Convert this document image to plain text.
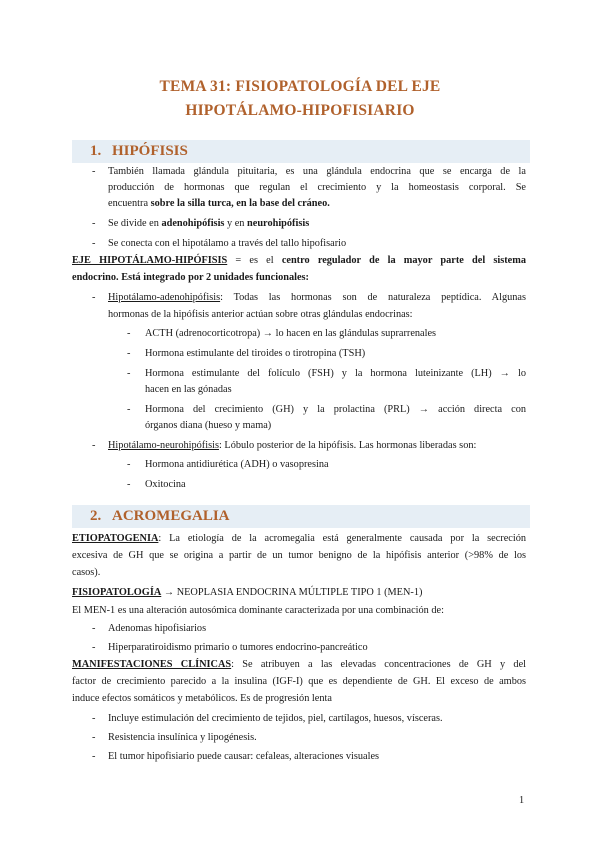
TEMA 31: FISIOPATOLOGÍA DEL EJE
HIPOTÁLAMO-HIPOFISIARIO
1. HIPÓFISIS
- También llamada glándula pituitaria, es una glándula endocrina que se encarga de la
producción de hormonas que regulan el crecimiento y la homeostasis corporal. Se
encuentra sobre la silla turca, en la base del cráneo.
- Se divide en adenohipófisis y en neurohipófisis
- Se conecta con el hipotálamo a través del tallo hipofisario
EJE HIPOTÁLAMO-HIPÓFISIS = es el centro regulador de la mayor parte del sistema
endocrino. Está integrado por 2 unidades funcionales:
- Hipotálamo-adenohipófisis: Todas las hormonas son de naturaleza peptídica. Algunas
hormonas de la hipófisis anterior actúan sobre otras glándulas endocrinas:
- ACTH (adrenocorticotropa) → lo hacen en las glándulas suprarrenales
- Hormona estimulante del tiroides o tirotropina (TSH)
- Hormona estimulante del folículo (FSH) y la hormona luteinizante (LH) → lo
hacen en las gónadas
- Hormona del crecimiento (GH) y la prolactina (PRL) → acción directa con
órganos diana (hueso y mama)
- Hipotálamo-neurohipófisis: Lóbulo posterior de la hipófisis. Las hormonas liberadas son:
- Hormona antidiurética (ADH) o vasopresina
- Oxitocina
2. ACROMEGALIA
ETIOPATOGENIA: La etiología de la acromegalia está generalmente causada por la secreción
excesiva de GH que se origina a partir de un tumor benigno de la hipófisis anterior (>98% de los
casos).
FISIOPATOLOGÍA → NEOPLASIA ENDOCRINA MÚLTIPLE TIPO 1 (MEN-1)
El MEN-1 es una alteración autosómica dominante caracterizada por una combinación de:
- Adenomas hipofisiarios
- Hiperparatiroidismo primario o tumores endocrino-pancreático
MANIFESTACIONES CLÍNICAS: Se atribuyen a las elevadas concentraciones de GH y del
factor de crecimiento parecido a la insulina (IGF-I) que es dependiente de GH. El exceso de ambos
induce efectos somáticos y metabólicos. Es de progresión lenta
- Incluye estimulación del crecimiento de tejidos, piel, cartílagos, huesos, vísceras.
- Resistencia insulínica y lipogénesis.
- El tumor hipofisiario puede causar: cefaleas, alteraciones visuales
1
